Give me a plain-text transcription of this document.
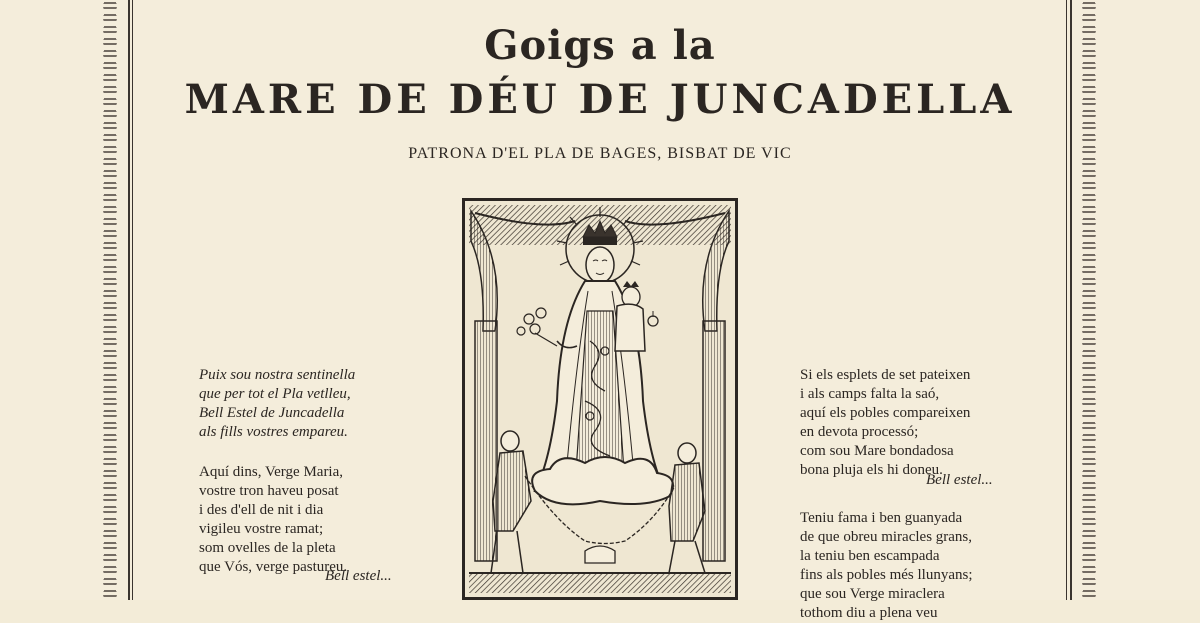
Goigs a la
MARE DE DÉU DE JUNCADELLA
PATRONA D'EL PLA DE BAGES, BISBAT DE VIC
Puix sou nostra sentinella
que per tot el Pla vetlleu,
Bell Estel de Juncadella
als fills vostres empareu.
Aquí dins, Verge Maria,
vostre tron haveu posat
i des d'ell de nit i dia
vigileu vostre ramat;
som ovelles de la pleta
que Vós, verge pastureu.
Bell estel...
Si els esplets de set pateixen
i als camps falta la saó,
aquí els pobles compareixen
en devota processó;
com sou Mare bondadosa
bona pluja els hi doneu.
Bell estel...
Teniu fama i ben guanyada
de que obreu miracles grans,
la teniu ben escampada
fins als pobles més llunyans;
que sou Verge miraclera
tothom diu a plena veu
